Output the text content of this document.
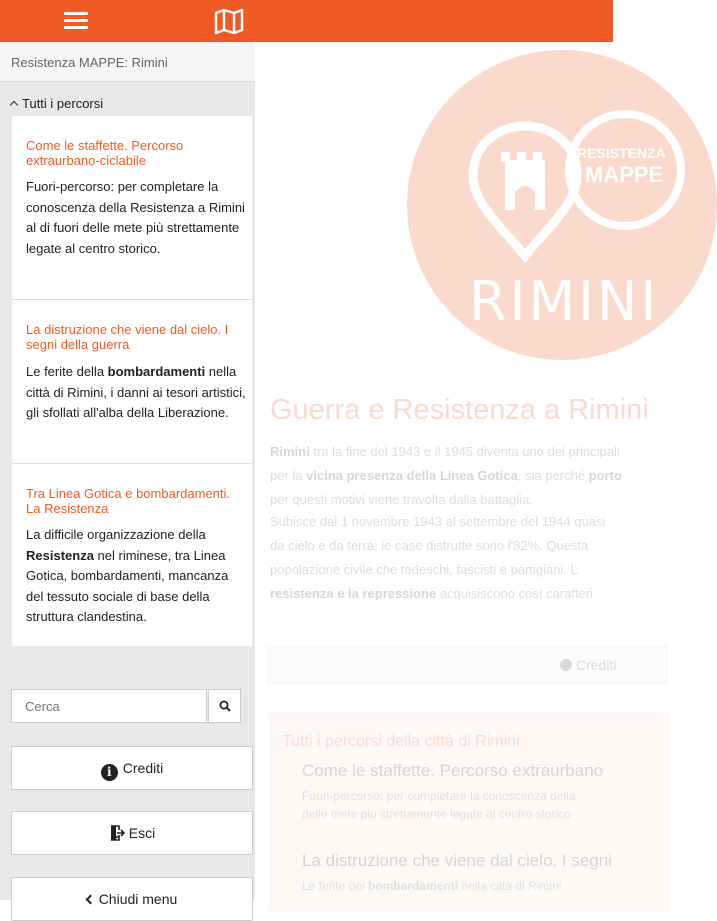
RESISTENZA
MAPPE
RIMINI
Guerra e Resistenza a Rimini
Rimini tra la fine del 1943 e il 1945 diventa uno dei principali
per la vicina presenza della Linea Gotica, sia perché porto
per questi motivi viene travolta dalla battaglia.
Subisce dal 1 novembre 1943 al settembre del 1944 quasi
da cielo e da terra; le case distrutte sono l'82%. Questa
popolazione civile che tedeschi, fascisti e partigiani. L
resistenza e la repressione acquisiscono così caratteri
Crediti
Tutti i percorsi della città di Rimini
Come le staffette. Percorso extraurbano
Fuori-percorso: per completare la conoscenza della
delle mete più strettamente legate al centro storico
La distruzione che viene dal cielo. I segni
Le ferite dei bombardamenti nella città di Rimini
Resistenza MAPPE: Rimini
Tutti i percorsi
Come le staffette. Percorso extraurbano-ciclabile
Fuori-percorso: per completare la conoscenza della Resistenza a Rimini al di fuori delle mete più strettamente legate al centro storico.
La distruzione che viene dal cielo. I segni della guerra
Le ferite della bombardamenti nella città di Rimini, i danni ai tesori artistici, gli sfollati all'alba della Liberazione.
Tra Linea Gotica e bombardamenti. La Resistenza
La difficile organizzazione della Resistenza nel riminese, tra Linea Gotica, bombardamenti, mancanza del tessuto sociale di base della struttura clandestina.
Cerca
i Crediti
Esci
Chiudi menu
